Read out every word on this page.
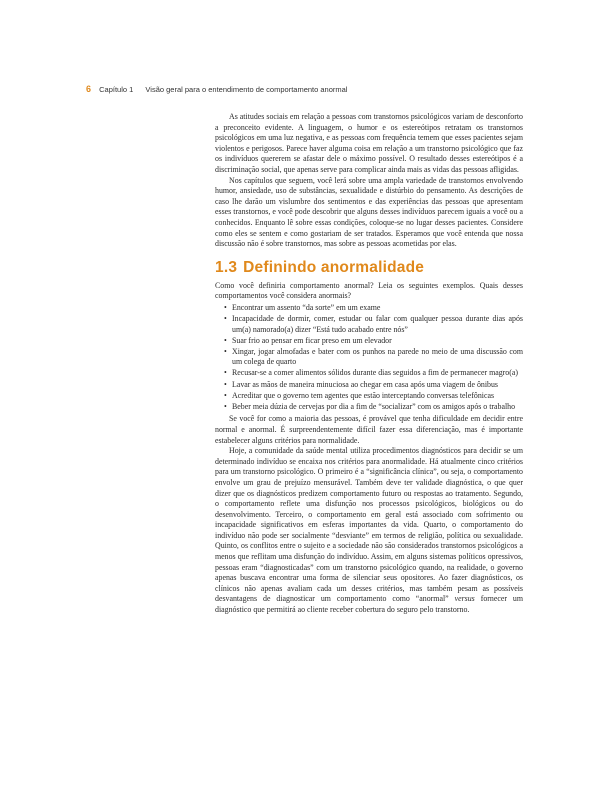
6 Capítulo 1 Visão geral para o entendimento de comportamento anormal

As atitudes sociais em relação a pessoas com transtornos psicológicos variam de desconforto a preconceito evidente. A linguagem, o humor e os estereótipos retratam os transtornos psicológicos em uma luz negativa, e as pessoas com frequência temem que esses pacientes sejam violentos e perigosos. Parece haver alguma coisa em relação a um transtorno psicológico que faz os indivíduos quererem se afastar dele o máximo possível. O resultado desses estereótipos é a discriminação social, que apenas serve para complicar ainda mais as vidas das pessoas afligidas.

Nos capítulos que seguem, você lerá sobre uma ampla variedade de transtornos envolvendo humor, ansiedade, uso de substâncias, sexualidade e distúrbio do pensamento. As descrições de caso lhe darão um vislumbre dos sentimentos e das experiências das pessoas que apresentam esses transtornos, e você pode descobrir que alguns desses indivíduos parecem iguais a você ou a conhecidos. Enquanto lê sobre essas condições, coloque-se no lugar desses pacientes. Considere como eles se sentem e como gostariam de ser tratados. Esperamos que você entenda que nossa discussão não é sobre transtornos, mas sobre as pessoas acometidas por elas.

1.3 Definindo anormalidade

Como você definiria comportamento anormal? Leia os seguintes exemplos. Quais desses comportamentos você considera anormais?

• Encontrar um assento “da sorte” em um exame
• Incapacidade de dormir, comer, estudar ou falar com qualquer pessoa durante dias após um(a) namorado(a) dizer “Está tudo acabado entre nós”
• Suar frio ao pensar em ficar preso em um elevador
• Xingar, jogar almofadas e bater com os punhos na parede no meio de uma discussão com um colega de quarto
• Recusar-se a comer alimentos sólidos durante dias seguidos a fim de permanecer magro(a)
• Lavar as mãos de maneira minuciosa ao chegar em casa após uma viagem de ônibus
• Acreditar que o governo tem agentes que estão interceptando conversas telefônicas
• Beber meia dúzia de cervejas por dia a fim de “socializar” com os amigos após o trabalho

Se você for como a maioria das pessoas, é provável que tenha dificuldade em decidir entre normal e anormal. É surpreendentemente difícil fazer essa diferenciação, mas é importante estabelecer alguns critérios para normalidade.

Hoje, a comunidade da saúde mental utiliza procedimentos diagnósticos para decidir se um determinado indivíduo se encaixa nos critérios para anormalidade. Há atualmente cinco critérios para um transtorno psicológico. O primeiro é a “significância clínica”, ou seja, o comportamento envolve um grau de prejuízo mensurável. Também deve ter validade diagnóstica, o que quer dizer que os diagnósticos predizem comportamento futuro ou respostas ao tratamento. Segundo, o comportamento reflete uma disfunção nos processos psicológicos, biológicos ou do desenvolvimento. Terceiro, o comportamento em geral está associado com sofrimento ou incapacidade significativos em esferas importantes da vida. Quarto, o comportamento do indivíduo não pode ser socialmente “desviante” em termos de religião, política ou sexualidade. Quinto, os conflitos entre o sujeito e a sociedade não são considerados transtornos psicológicos a menos que reflitam uma disfunção do indivíduo. Assim, em alguns sistemas políticos opressivos, pessoas eram “diagnosticadas” com um transtorno psicológico quando, na realidade, o governo apenas buscava encontrar uma forma de silenciar seus opositores. Ao fazer diagnósticos, os clínicos não apenas avaliam cada um desses critérios, mas também pesam as possíveis desvantagens de diagnosticar um comportamento como “anormal” versus fornecer um diagnóstico que permitirá ao cliente receber cobertura do seguro pelo transtorno.
